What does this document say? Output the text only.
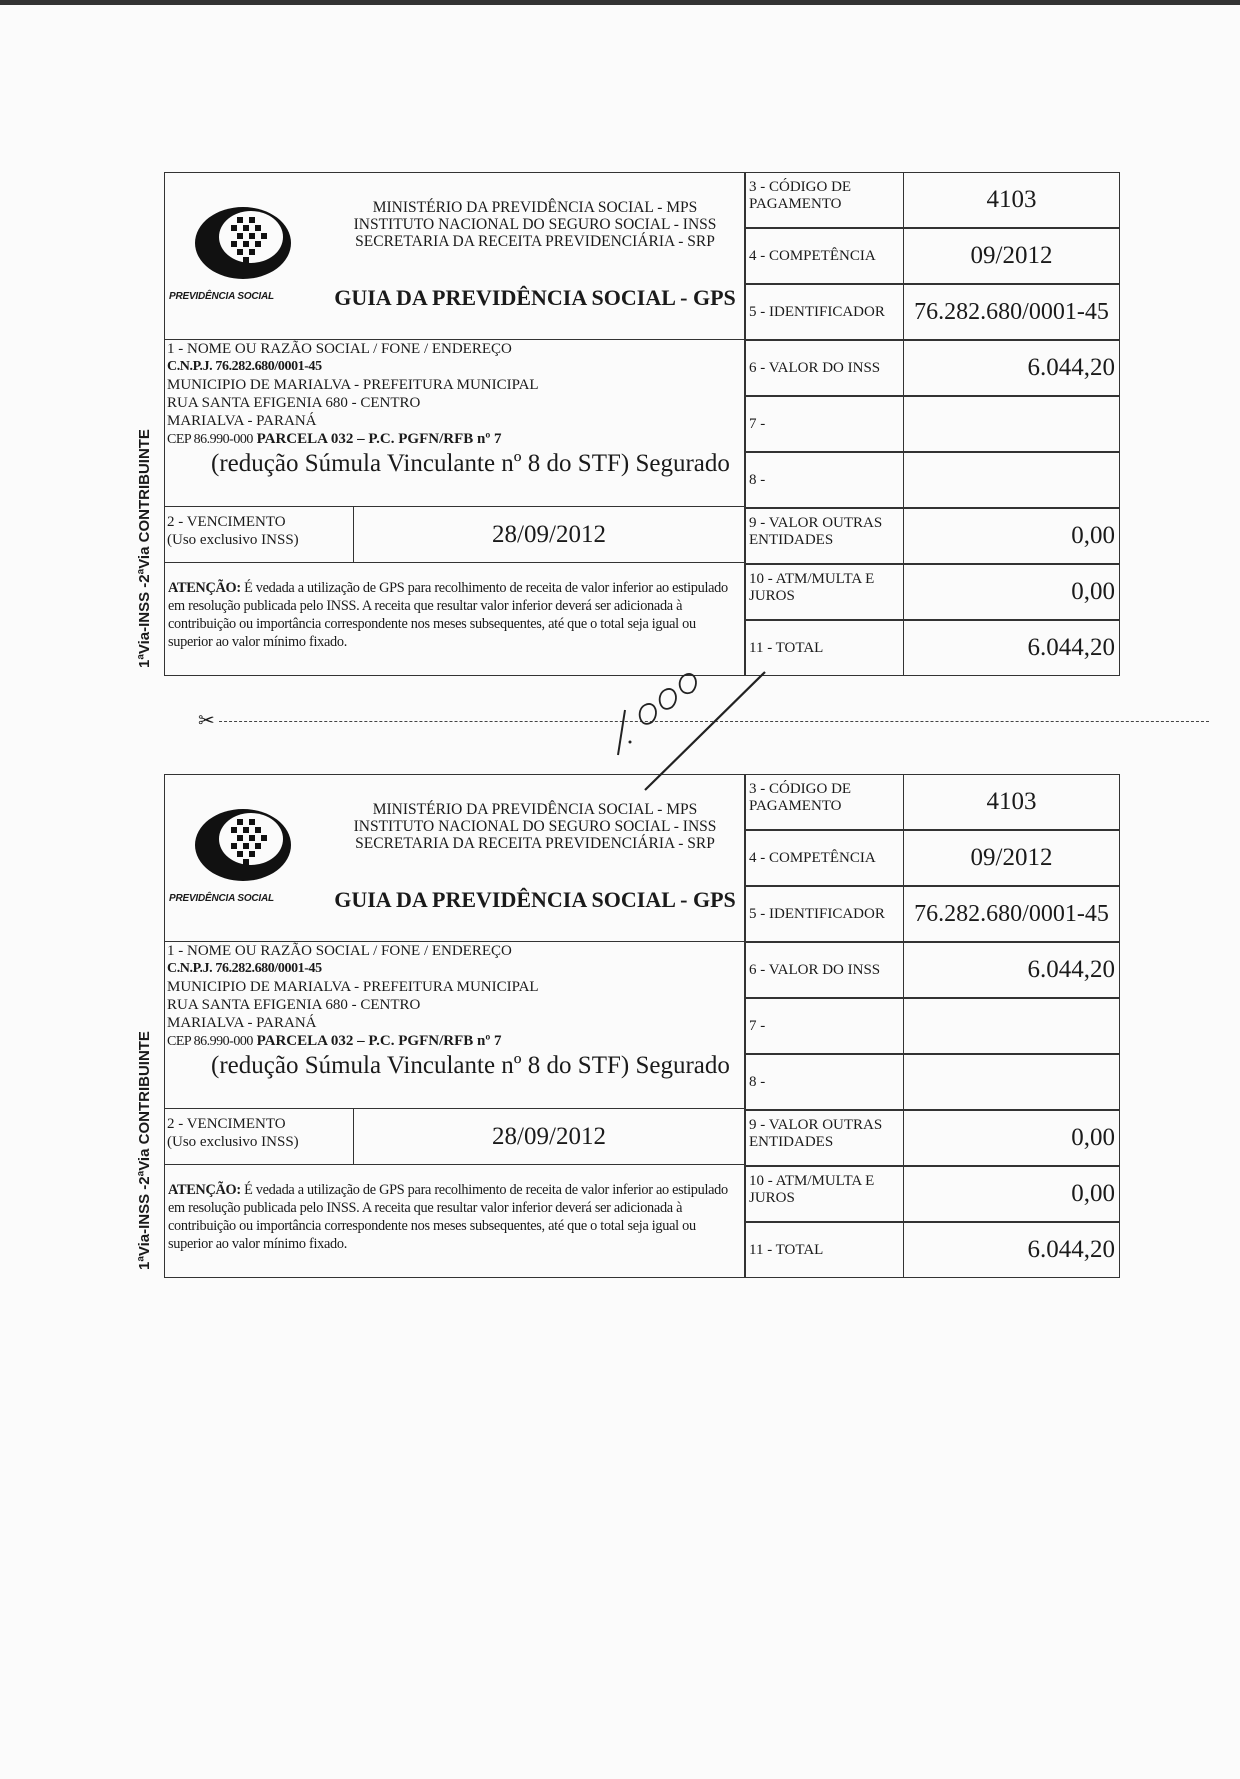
PREVIDÊNCIA SOCIAL
MINISTÉRIO DA PREVIDÊNCIA SOCIAL - MPS
INSTITUTO NACIONAL DO SEGURO SOCIAL - INSS
SECRETARIA DA RECEITA PREVIDENCIÁRIA - SRP
GUIA DA PREVIDÊNCIA SOCIAL - GPS
1 - NOME OU RAZÃO SOCIAL / FONE / ENDEREÇO
C.N.P.J. 76.282.680/0001-45
MUNICIPIO DE MARIALVA - PREFEITURA MUNICIPAL
RUA SANTA EFIGENIA 680 - CENTRO
MARIALVA - PARANÁ
CEP 86.990-000 PARCELA 032 – P.C. PGFN/RFB nº 7
(redução Súmula Vinculante nº 8 do STF) Segurado
2 - VENCIMENTO
(Uso exclusivo INSS)	28/09/2012
ATENÇÃO: É vedada a utilização de GPS para recolhimento de receita de valor inferior ao estipulado em resolução publicada pelo INSS. A receita que resultar valor inferior deverá ser adicionada à contribuição ou importância correspondente nos meses subsequentes, até que o total seja igual ou superior ao valor mínimo fixado.
3 - CÓDIGO DE PAGAMENTO	4103
4 - COMPETÊNCIA	09/2012
5 - IDENTIFICADOR	76.282.680/0001-45
6 - VALOR DO INSS	6.044,20
7 -
8 -
9 - VALOR OUTRAS ENTIDADES	0,00
10 - ATM/MULTA E JUROS	0,00
11 - TOTAL	6.044,20
1ªVia-INSS -2ªVia CONTRIBUINTE
PREVIDÊNCIA SOCIAL
MINISTÉRIO DA PREVIDÊNCIA SOCIAL - MPS
INSTITUTO NACIONAL DO SEGURO SOCIAL - INSS
SECRETARIA DA RECEITA PREVIDENCIÁRIA - SRP
GUIA DA PREVIDÊNCIA SOCIAL - GPS
1 - NOME OU RAZÃO SOCIAL / FONE / ENDEREÇO
C.N.P.J. 76.282.680/0001-45
MUNICIPIO DE MARIALVA - PREFEITURA MUNICIPAL
RUA SANTA EFIGENIA 680 - CENTRO
MARIALVA - PARANÁ
CEP 86.990-000 PARCELA 032 – P.C. PGFN/RFB nº 7
(redução Súmula Vinculante nº 8 do STF) Segurado
2 - VENCIMENTO
(Uso exclusivo INSS)	28/09/2012
ATENÇÃO: É vedada a utilização de GPS para recolhimento de receita de valor inferior ao estipulado em resolução publicada pelo INSS. A receita que resultar valor inferior deverá ser adicionada à contribuição ou importância correspondente nos meses subsequentes, até que o total seja igual ou superior ao valor mínimo fixado.
3 - CÓDIGO DE PAGAMENTO	4103
4 - COMPETÊNCIA	09/2012
5 - IDENTIFICADOR	76.282.680/0001-45
6 - VALOR DO INSS	6.044,20
7 -
8 -
9 - VALOR OUTRAS ENTIDADES	0,00
10 - ATM/MULTA E JUROS	0,00
11 - TOTAL	6.044,20
1ªVia-INSS -2ªVia CONTRIBUINTE
✂
